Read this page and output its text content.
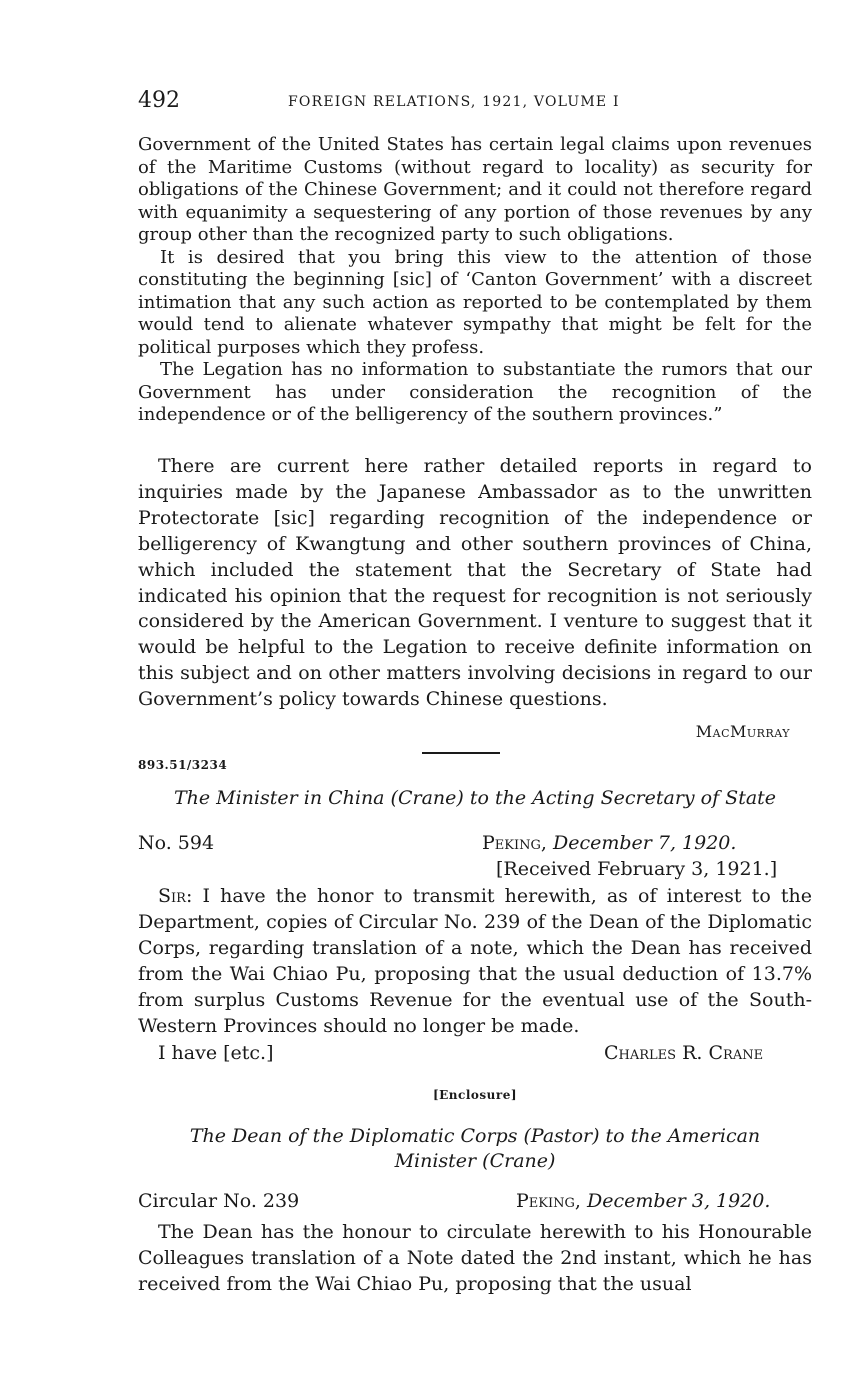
492	FOREIGN RELATIONS, 1921, VOLUME I

Government of the United States has certain legal claims upon revenues of the Maritime Customs (without regard to locality) as security for obligations of the Chinese Government; and it could not therefore regard with equanimity a sequestering of any portion of those revenues by any group other than the recognized party to such obligations.

It is desired that you bring this view to the attention of those constituting the beginning [sic] of ‘Canton Government’ with a discreet intimation that any such action as reported to be contemplated by them would tend to alienate whatever sympathy that might be felt for the political purposes which they profess.

The Legation has no information to substantiate the rumors that our Government has under consideration the recognition of the independence or of the belligerency of the southern provinces.”

There are current here rather detailed reports in regard to inquiries made by the Japanese Ambassador as to the unwritten Protectorate [sic] regarding recognition of the independence or belligerency of Kwangtung and other southern provinces of China, which included the statement that the Secretary of State had indicated his opinion that the request for recognition is not seriously considered by the American Government. I venture to suggest that it would be helpful to the Legation to receive definite information on this subject and on other matters involving decisions in regard to our Government’s policy towards Chinese questions.

MacMurray
893.51/3234
The Minister in China (Crane) to the Acting Secretary of State
No. 594	Peking, December 7, 1920.
[Received February 3, 1921.]

Sir: I have the honor to transmit herewith, as of interest to the Department, copies of Circular No. 239 of the Dean of the Diplomatic Corps, regarding translation of a note, which the Dean has received from the Wai Chiao Pu, proposing that the usual deduction of 13.7% from surplus Customs Revenue for the eventual use of the South-Western Provinces should no longer be made.

I have [etc.]	Charles R. Crane
[Enclosure]
The Dean of the Diplomatic Corps (Pastor) to the American
Minister (Crane)
Circular No. 239	Peking, December 3, 1920.

The Dean has the honour to circulate herewith to his Honourable Colleagues translation of a Note dated the 2nd instant, which he has received from the Wai Chiao Pu, proposing that the usual
